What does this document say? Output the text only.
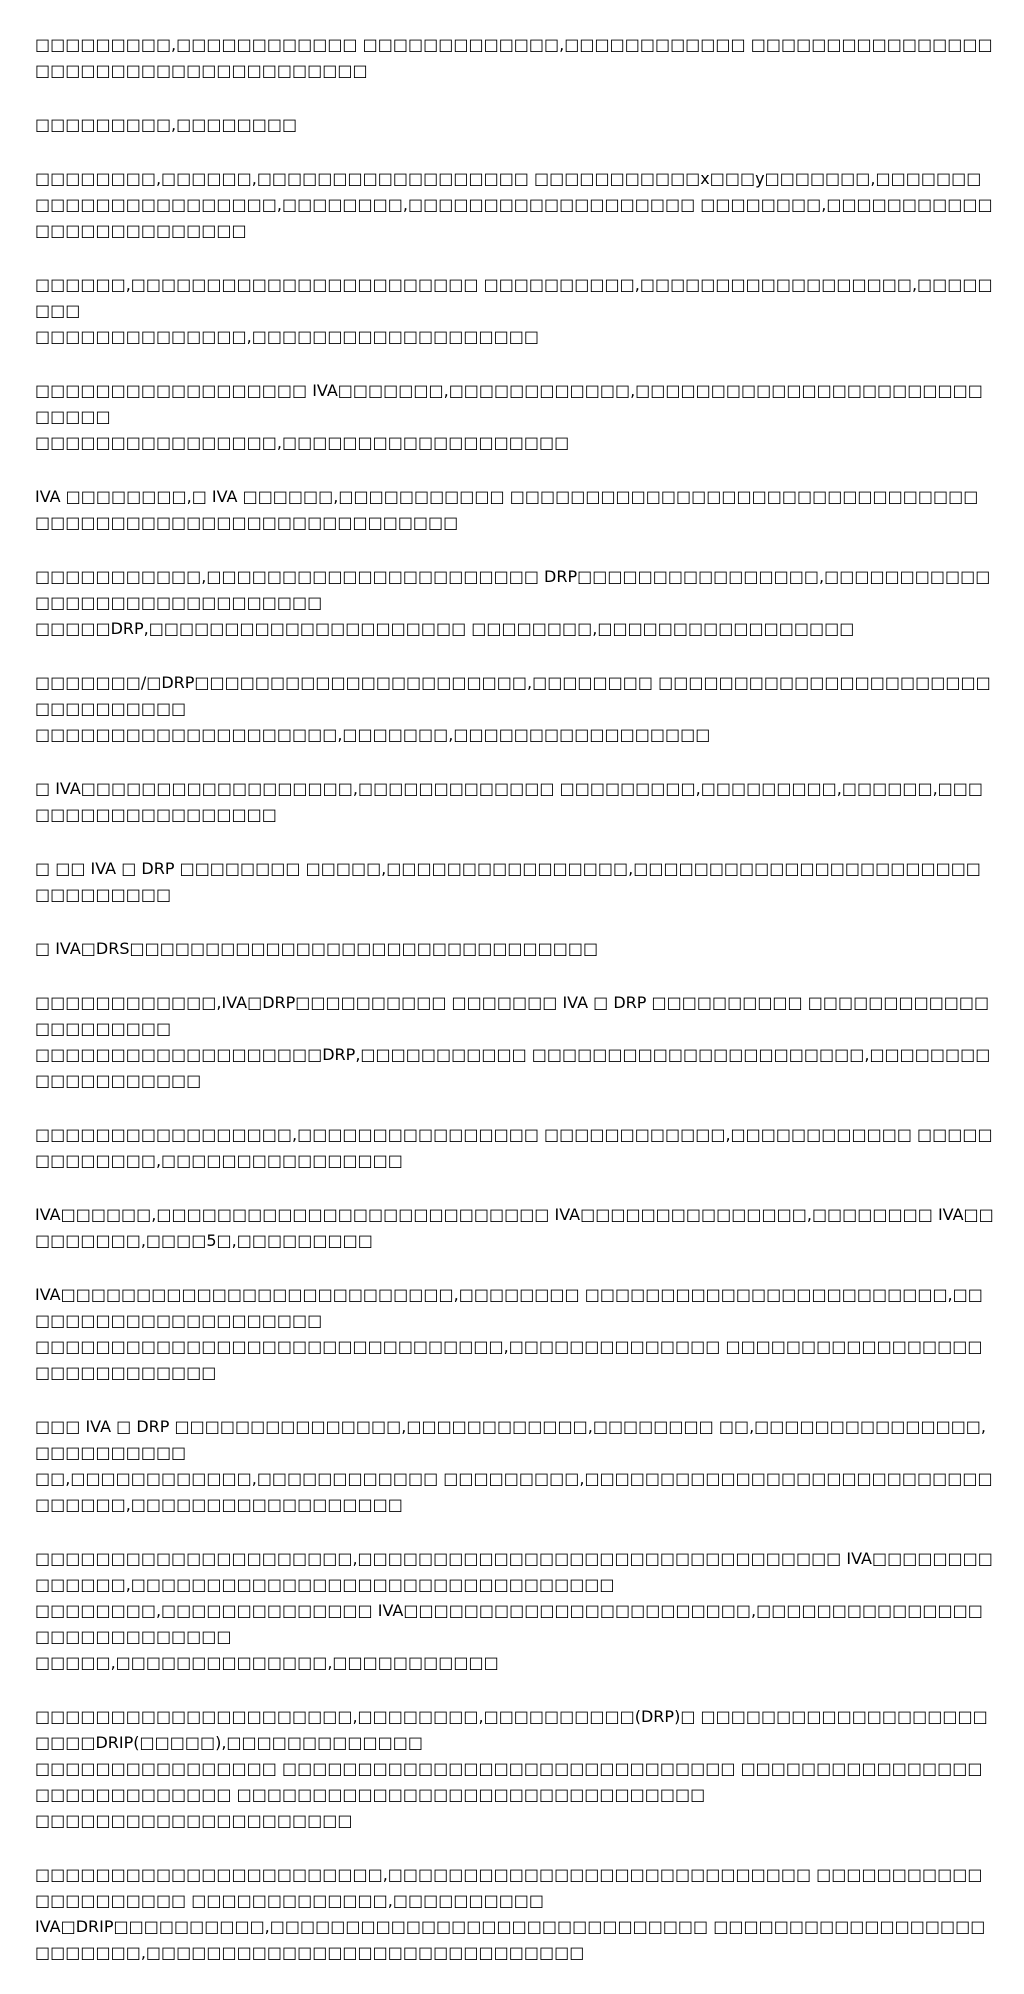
□□□□□□□□□,□□□□□□□□□□□□ □□□□□□□□□□□□□,□□□□□□□□□□□□ □□□□□□□□□□□□□□□□□□□□□□□□□□□□□□□□□□□□□□

□□□□□□□□□,□□□□□□□□

□□□□□□□□,□□□□□□,□□□□□□□□□□□□□□□□□□ □□□□□□□□□□□x□□□y□□□□□□□,□□□□□□□
□□□□□□□□□□□□□□□□,□□□□□□□□,□□□□□□□□□□□□□□□□□□□ □□□□□□□□,□□□□□□□□□□□□□□□□□□□□□□□□□

□□□□□□,□□□□□□□□□□□□□□□□□□□□□□□ □□□□□□□□□□,□□□□□□□□□□□□□□□□□□,□□□□□□□□
□□□□□□□□□□□□□□,□□□□□□□□□□□□□□□□□□□

□□□□□□□□□□□□□□□□□□ IVA□□□□□□□,□□□□□□□□□□□□,□□□□□□□□□□□□□□□□□□□□□□□□□□□□
□□□□□□□□□□□□□□□□,□□□□□□□□□□□□□□□□□□□

IVA □□□□□□□□,□ IVA □□□□□□,□□□□□□□□□□□ □□□□□□□□□□□□□□□□□□□□□□□□□□□□□□□ □□□□□□□□□□□□□□□□□□□□□□□□□□□□

□□□□□□□□□□□,□□□□□□□□□□□□□□□□□□□□□□ DRP□□□□□□□□□□□□□□□□,□□□□□□□□□□□□□□□□□□□□□□□□□□□□□□
□□□□□DRP,□□□□□□□□□□□□□□□□□□□□□ □□□□□□□□,□□□□□□□□□□□□□□□□□

□□□□□□□/□DRP□□□□□□□□□□□□□□□□□□□□□□,□□□□□□□□ □□□□□□□□□□□□□□□□□□□□□□□□□□□□□□□□
□□□□□□□□□□□□□□□□□□□□,□□□□□□□,□□□□□□□□□□□□□□□□□

□ IVA□□□□□□□□□□□□□□□□□□,□□□□□□□□□□□□□ □□□□□□□□□,□□□□□□□□□,□□□□□□,□□□□□□□□□□□□□□□□□□□

□ □□ IVA □ DRP □□□□□□□□ □□□□□,□□□□□□□□□□□□□□□□,□□□□□□□□□□□□□□□□□□□□□□□□□□□□□□□□

□ IVA□DRS□□□□□□□□□□□□□□□□□□□□□□□□□□□□□□□

□□□□□□□□□□□□,IVA□DRP□□□□□□□□□□ □□□□□□□ IVA □ DRP □□□□□□□□□□ □□□□□□□□□□□□□□□□□□□□□
□□□□□□□□□□□□□□□□□□□DRP,□□□□□□□□□□□ □□□□□□□□□□□□□□□□□□□□□□,□□□□□□□□□□□□□□□□□□□

□□□□□□□□□□□□□□□□□,□□□□□□□□□□□□□□□□ □□□□□□□□□□□□,□□□□□□□□□□□□ □□□□□□□□□□□□□,□□□□□□□□□□□□□□□□

IVA□□□□□□,□□□□□□□□□□□□□□□□□□□□□□□□□□ IVA□□□□□□□□□□□□□□□,□□□□□□□□ IVA□□□□□□□□□,□□□□5□,□□□□□□□□□

IVA□□□□□□□□□□□□□□□□□□□□□□□□□□,□□□□□□□□ □□□□□□□□□□□□□□□□□□□□□□□□,□□□□□□□□□□□□□□□□□□□□□
□□□□□□□□□□□□□□□□□□□□□□□□□□□□□□□,□□□□□□□□□□□□□□ □□□□□□□□□□□□□□□□□□□□□□□□□□□□□

□□□ IVA □ DRP □□□□□□□□□□□□□□□,□□□□□□□□□□□□,□□□□□□□□ □□,□□□□□□□□□□□□□□□,□□□□□□□□□□
□□,□□□□□□□□□□□□,□□□□□□□□□□□□ □□□□□□□□□,□□□□□□□□□□□□□□□□□□□□□□□□□□□□□□□□□,□□□□□□□□□□□□□□□□□□

□□□□□□□□□□□□□□□□□□□□□,□□□□□□□□□□□□□□□□□□□□□□□□□□□□□□□□ IVA□□□□□□□□□□□□□□,□□□□□□□□□□□□□□□□□□□□□□□□□□□□□□□□
□□□□□□□□,□□□□□□□□□□□□□□ IVA□□□□□□□□□□□□□□□□□□□□□□□,□□□□□□□□□□□□□□□□□□□□□□□□□□□□
□□□□□,□□□□□□□□□□□□□□,□□□□□□□□□□□

□□□□□□□□□□□□□□□□□□□□□,□□□□□□□□,□□□□□□□□□□(DRP)□ □□□□□□□□□□□□□□□□□□□□□□□DRIP(□□□□□),□□□□□□□□□□□□□
□□□□□□□□□□□□□□□□ □□□□□□□□□□□□□□□□□□□□□□□□□□□□□□ □□□□□□□□□□□□□□□□□□□□□□□□□□□□□ □□□□□□□□□□□□□□□□□□□□□□□□□□□□□□□
□□□□□□□□□□□□□□□□□□□□□

□□□□□□□□□□□□□□□□□□□□□□□,□□□□□□□□□□□□□□□□□□□□□□□□□□□□ □□□□□□□□□□□□□□□□□□□□□ □□□□□□□□□□□□□,□□□□□□□□□□
IVA□DRIP□□□□□□□□□□,□□□□□□□□□□□□□□□□□□□□□□□□□□□□□ □□□□□□□□□□□□□□□□□□□□□□□□□,□□□□□□□□□□□□□□□□□□□□□□□□□□□□□
